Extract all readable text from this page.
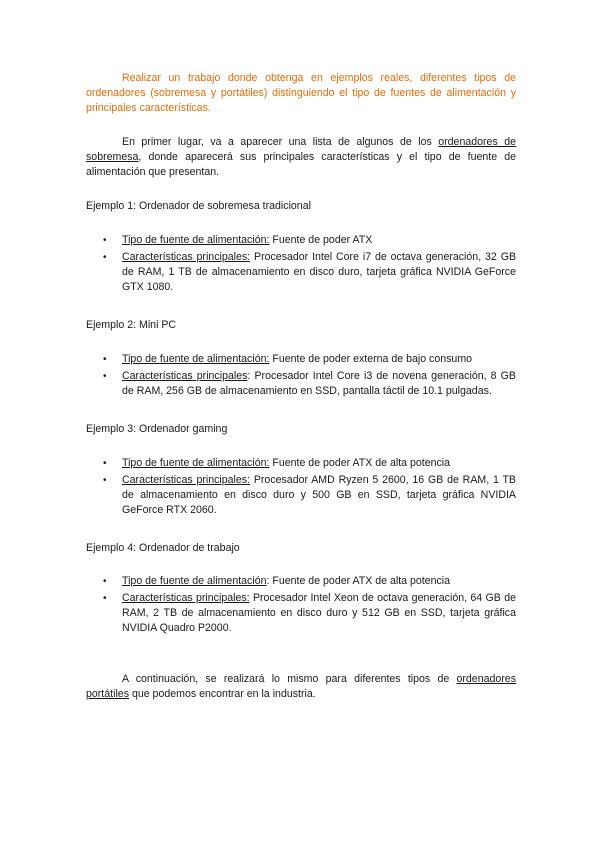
Realizar un trabajo donde obtenga en ejemplos reales, diferentes tipos de ordenadores (sobremesa y portátiles) distinguiendo el tipo de fuentes de alimentación y principales características.

En primer lugar, va a aparecer una lista de algunos de los ordenadores de sobremesa, donde aparecerá sus principales características y el tipo de fuente de alimentación que presentan.

Ejemplo 1: Ordenador de sobremesa tradicional

• Tipo de fuente de alimentación: Fuente de poder ATX
• Características principales: Procesador Intel Core i7 de octava generación, 32 GB de RAM, 1 TB de almacenamiento en disco duro, tarjeta gráfica NVIDIA GeForce GTX 1080.

Ejemplo 2: Mini PC

• Tipo de fuente de alimentación: Fuente de poder externa de bajo consumo
• Características principales: Procesador Intel Core i3 de novena generación, 8 GB de RAM, 256 GB de almacenamiento en SSD, pantalla táctil de 10.1 pulgadas.

Ejemplo 3: Ordenador gaming

• Tipo de fuente de alimentación: Fuente de poder ATX de alta potencia
• Características principales: Procesador AMD Ryzen 5 2600, 16 GB de RAM, 1 TB de almacenamiento en disco duro y 500 GB en SSD, tarjeta gráfica NVIDIA GeForce RTX 2060.

Ejemplo 4: Ordenador de trabajo

• Tipo de fuente de alimentación: Fuente de poder ATX de alta potencia
• Características principales: Procesador Intel Xeon de octava generación, 64 GB de RAM, 2 TB de almacenamiento en disco duro y 512 GB en SSD, tarjeta gráfica NVIDIA Quadro P2000.

A continuación, se realizará lo mismo para diferentes tipos de ordenadores portátiles que podemos encontrar en la industria.
